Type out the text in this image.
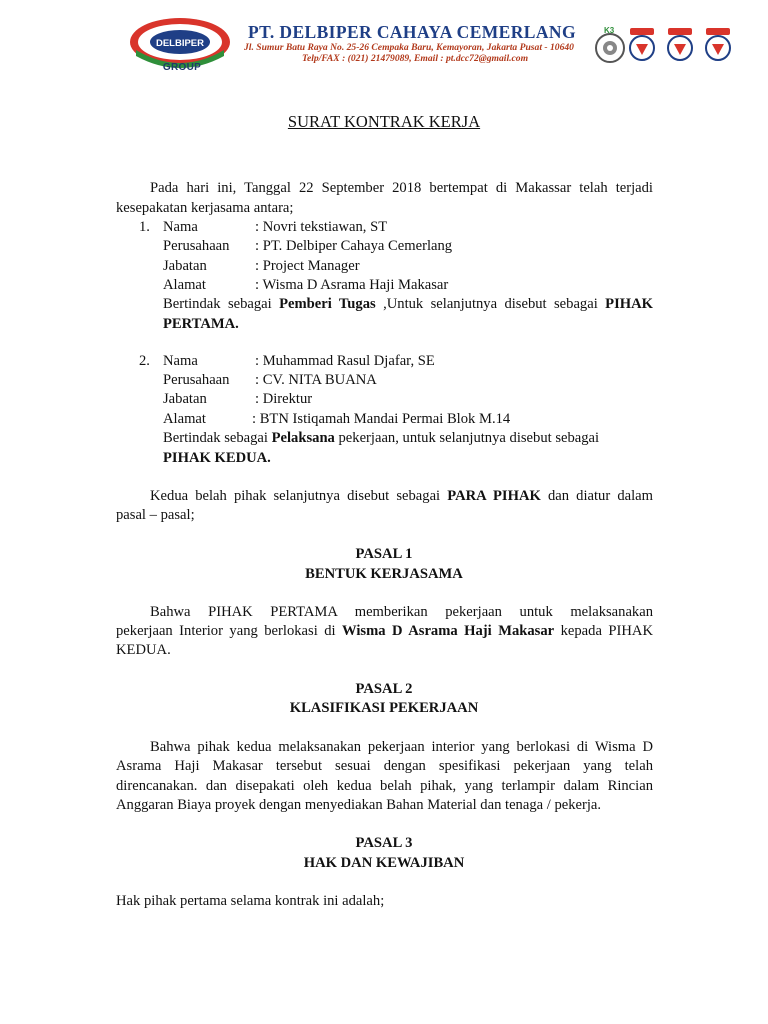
DELBIPER
GROUP
PT. DELBIPER CAHAYA CEMERLANG
Jl. Sumur Batu Raya No. 25-26 Cempaka Baru, Kemayoran, Jakarta Pusat - 10640
Telp/FAX : (021) 21479089, Email : pt.dcc72@gmail.com
K3
SURAT KONTRAK KERJA
Pada hari ini, Tanggal 22 September 2018 bertempat di Makassar telah terjadi
kesepakatan kerjasama antara;
1. Nama	: Novri tekstiawan, ST
Perusahaan : PT. Delbiper Cahaya Cemerlang
Jabatan	: Project Manager
Alamat	: Wisma D Asrama Haji Makasar
Bertindak sebagai Pemberi Tugas ,Untuk selanjutnya disebut sebagai PIHAK
PERTAMA.
2. Nama	: Muhammad Rasul Djafar, SE
Perusahaan : CV. NITA BUANA
Jabatan	: Direktur
Alamat	: BTN Istiqamah Mandai Permai Blok M.14
Bertindak sebagai Pelaksana pekerjaan, untuk selanjutnya disebut sebagai
PIHAK KEDUA.
Kedua belah pihak selanjutnya disebut sebagai PARA PIHAK dan diatur dalam
pasal – pasal;
PASAL 1
BENTUK KERJASAMA
Bahwa PIHAK PERTAMA memberikan pekerjaan untuk melaksanakan
pekerjaan Interior yang berlokasi di Wisma D Asrama Haji Makasar kepada PIHAK
KEDUA.
PASAL 2
KLASIFIKASI PEKERJAAN
Bahwa pihak kedua melaksanakan pekerjaan interior yang berlokasi di Wisma D
Asrama Haji Makasar tersebut sesuai dengan spesifikasi pekerjaan yang telah
direncanakan. dan disepakati oleh kedua belah pihak, yang terlampir dalam Rincian
Anggaran Biaya proyek dengan menyediakan Bahan Material dan tenaga / pekerja.
PASAL 3
HAK DAN KEWAJIBAN
Hak pihak pertama selama kontrak ini adalah;
